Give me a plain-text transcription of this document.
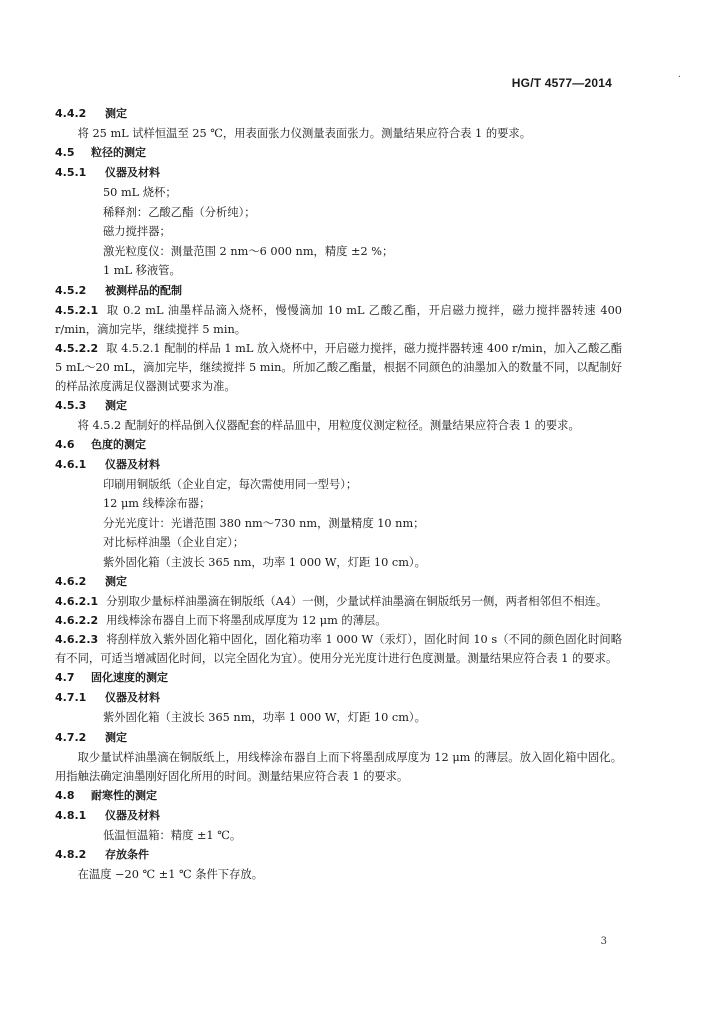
HG/T 4577—2014	·
4.4.2 测定

将 25 mL 试样恒温至 25 ℃，用表面张力仪测量表面张力。测量结果应符合表 1 的要求。

4.5 粒径的测定
4.5.1 仪器及材料
50 mL 烧杯；
稀释剂：乙酸乙酯（分析纯）；
磁力搅拌器；
激光粒度仪：测量范围 2 nm～6 000 nm，精度 ±2 %；
1 mL 移液管。
4.5.2 被测样品的配制

4.5.2.1 取 0.2 mL 油墨样品滴入烧杯，慢慢滴加 10 mL 乙酸乙酯，开启磁力搅拌，磁力搅拌器转速 400 r/min，滴加完毕，继续搅拌 5 min。

4.5.2.2 取 4.5.2.1 配制的样品 1 mL 放入烧杯中，开启磁力搅拌，磁力搅拌器转速 400 r/min，加入乙酸乙酯 5 mL～20 mL，滴加完毕，继续搅拌 5 min。所加乙酸乙酯量，根据不同颜色的油墨加入的数量不同，以配制好的样品浓度满足仪器测试要求为准。

4.5.3 测定

将 4.5.2 配制好的样品倒入仪器配套的样品皿中，用粒度仪测定粒径。测量结果应符合表 1 的要求。

4.6 色度的测定
4.6.1 仪器及材料
印刷用铜版纸（企业自定，每次需使用同一型号）；
12 μm 线棒涂布器；
分光光度计：光谱范围 380 nm～730 nm，测量精度 10 nm；
对比标样油墨（企业自定）；
紫外固化箱（主波长 365 nm，功率 1 000 W，灯距 10 cm）。
4.6.2 测定

4.6.2.1 分别取少量标样油墨滴在铜版纸（A4）一侧，少量试样油墨滴在铜版纸另一侧，两者相邻但不相连。

4.6.2.2 用线棒涂布器自上而下将墨刮成厚度为 12 μm 的薄层。

4.6.2.3 将刮样放入紫外固化箱中固化，固化箱功率 1 000 W（汞灯），固化时间 10 s（不同的颜色固化时间略有不同，可适当增减固化时间，以完全固化为宜）。使用分光光度计进行色度测量。测量结果应符合表 1 的要求。

4.7 固化速度的测定
4.7.1 仪器及材料
紫外固化箱（主波长 365 nm，功率 1 000 W，灯距 10 cm）。
4.7.2 测定

取少量试样油墨滴在铜版纸上，用线棒涂布器自上而下将墨刮成厚度为 12 μm 的薄层。放入固化箱中固化。用指触法确定油墨刚好固化所用的时间。测量结果应符合表 1 的要求。

4.8 耐寒性的测定
4.8.1 仪器及材料
低温恒温箱：精度 ±1 ℃。
4.8.2 存放条件

在温度 −20 ℃ ±1 ℃ 条件下存放。

3
